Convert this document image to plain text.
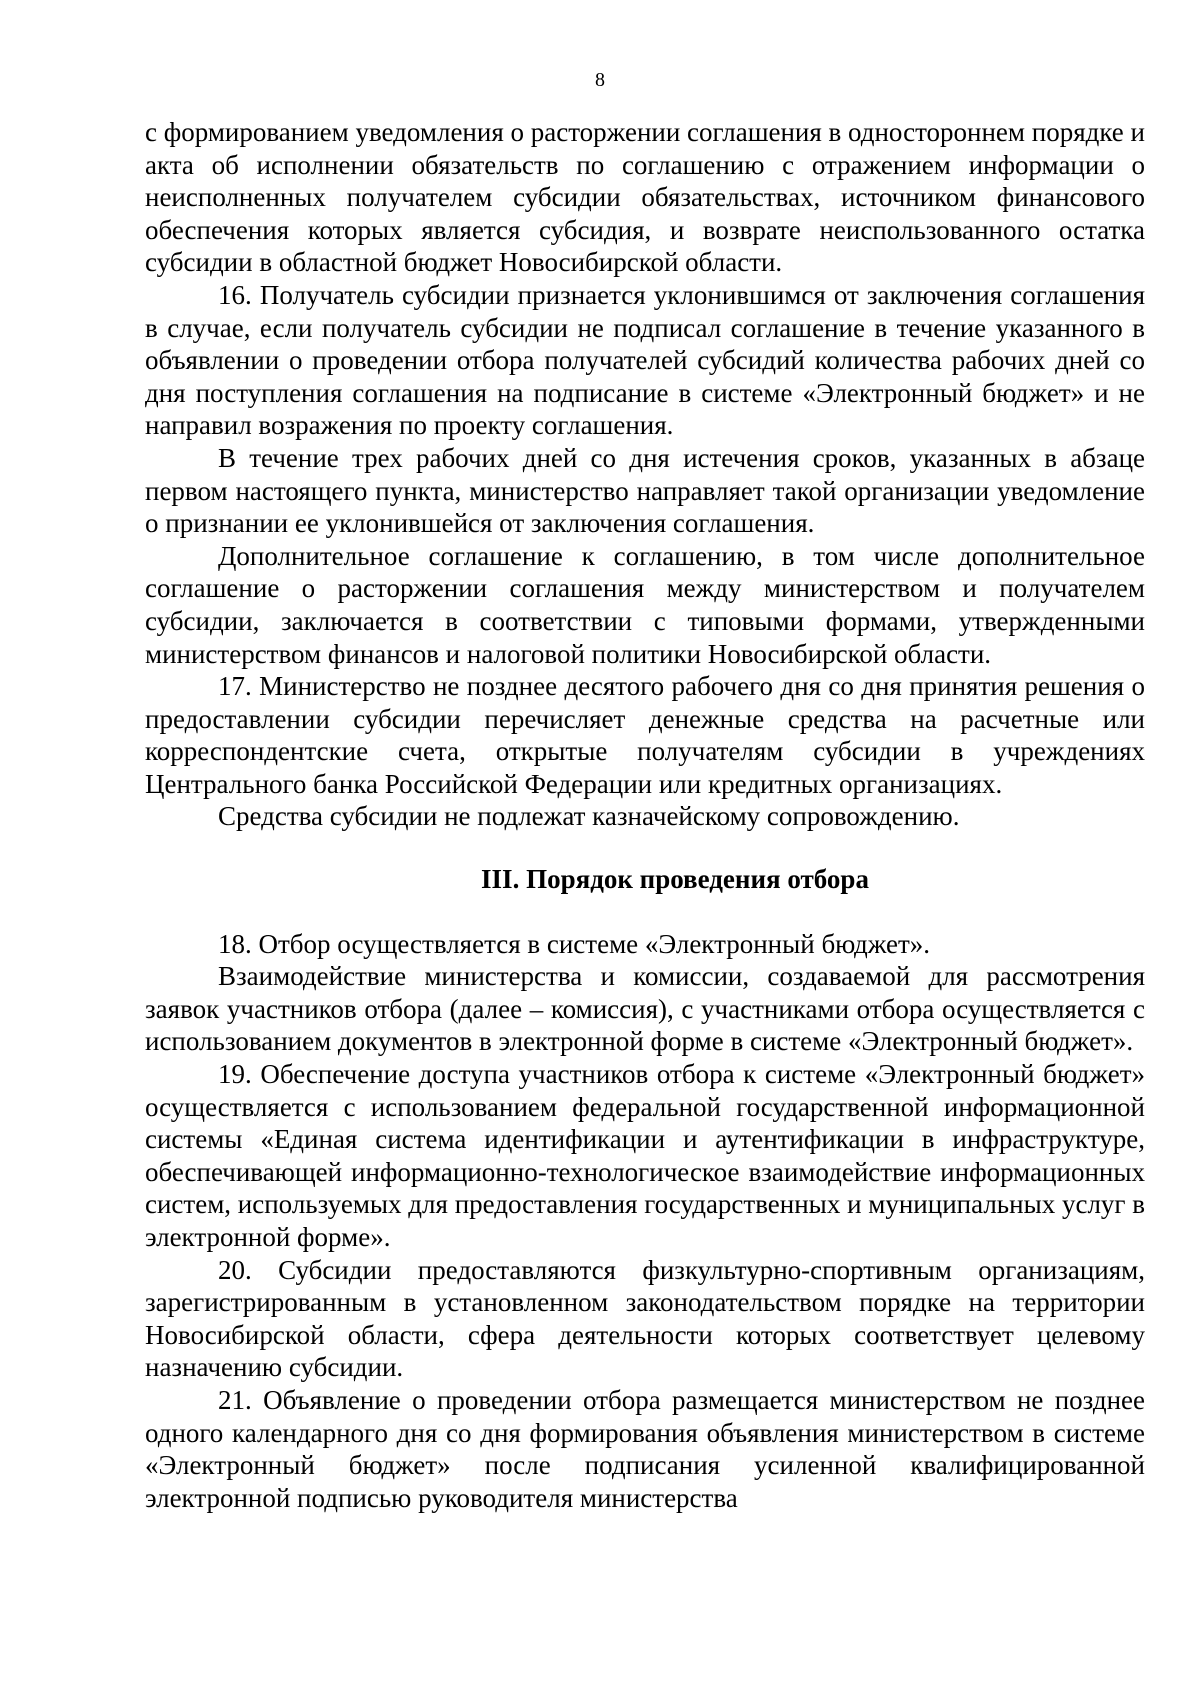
8

с формированием уведомления о расторжении соглашения в одностороннем порядке и акта об исполнении обязательств по соглашению с отражением информации о неисполненных получателем субсидии обязательствах, источником финансового обеспечения которых является субсидия, и возврате неиспользованного остатка субсидии в областной бюджет Новосибирской области.

16. Получатель субсидии признается уклонившимся от заключения соглашения в случае, если получатель субсидии не подписал соглашение в течение указанного в объявлении о проведении отбора получателей субсидий количества рабочих дней со дня поступления соглашения на подписание в системе «Электронный бюджет» и не направил возражения по проекту соглашения.

В течение трех рабочих дней со дня истечения сроков, указанных в абзаце первом настоящего пункта, министерство направляет такой организации уведомление о признании ее уклонившейся от заключения соглашения.

Дополнительное соглашение к соглашению, в том числе дополнительное соглашение о расторжении соглашения между министерством и получателем субсидии, заключается в соответствии с типовыми формами, утвержденными министерством финансов и налоговой политики Новосибирской области.

17. Министерство не позднее десятого рабочего дня со дня принятия решения о предоставлении субсидии перечисляет денежные средства на расчетные или корреспондентские счета, открытые получателям субсидии в учреждениях Центрального банка Российской Федерации или кредитных организациях.

Средства субсидии не подлежат казначейскому сопровождению.

III. Порядок проведения отбора

18. Отбор осуществляется в системе «Электронный бюджет».

Взаимодействие министерства и комиссии, создаваемой для рассмотрения заявок участников отбора (далее – комиссия), с участниками отбора осуществляется с использованием документов в электронной форме в системе «Электронный бюджет».

19. Обеспечение доступа участников отбора к системе «Электронный бюджет» осуществляется с использованием федеральной государственной информационной системы «Единая система идентификации и аутентификации в инфраструктуре, обеспечивающей информационно-технологическое взаимодействие информационных систем, используемых для предоставления государственных и муниципальных услуг в электронной форме».

20. Субсидии предоставляются физкультурно-спортивным организациям, зарегистрированным в установленном законодательством порядке на территории Новосибирской области, сфера деятельности которых соответствует целевому назначению субсидии.

21. Объявление о проведении отбора размещается министерством не позднее одного календарного дня со дня формирования объявления министерством в системе «Электронный бюджет» после подписания усиленной квалифицированной электронной подписью руководителя министерства
